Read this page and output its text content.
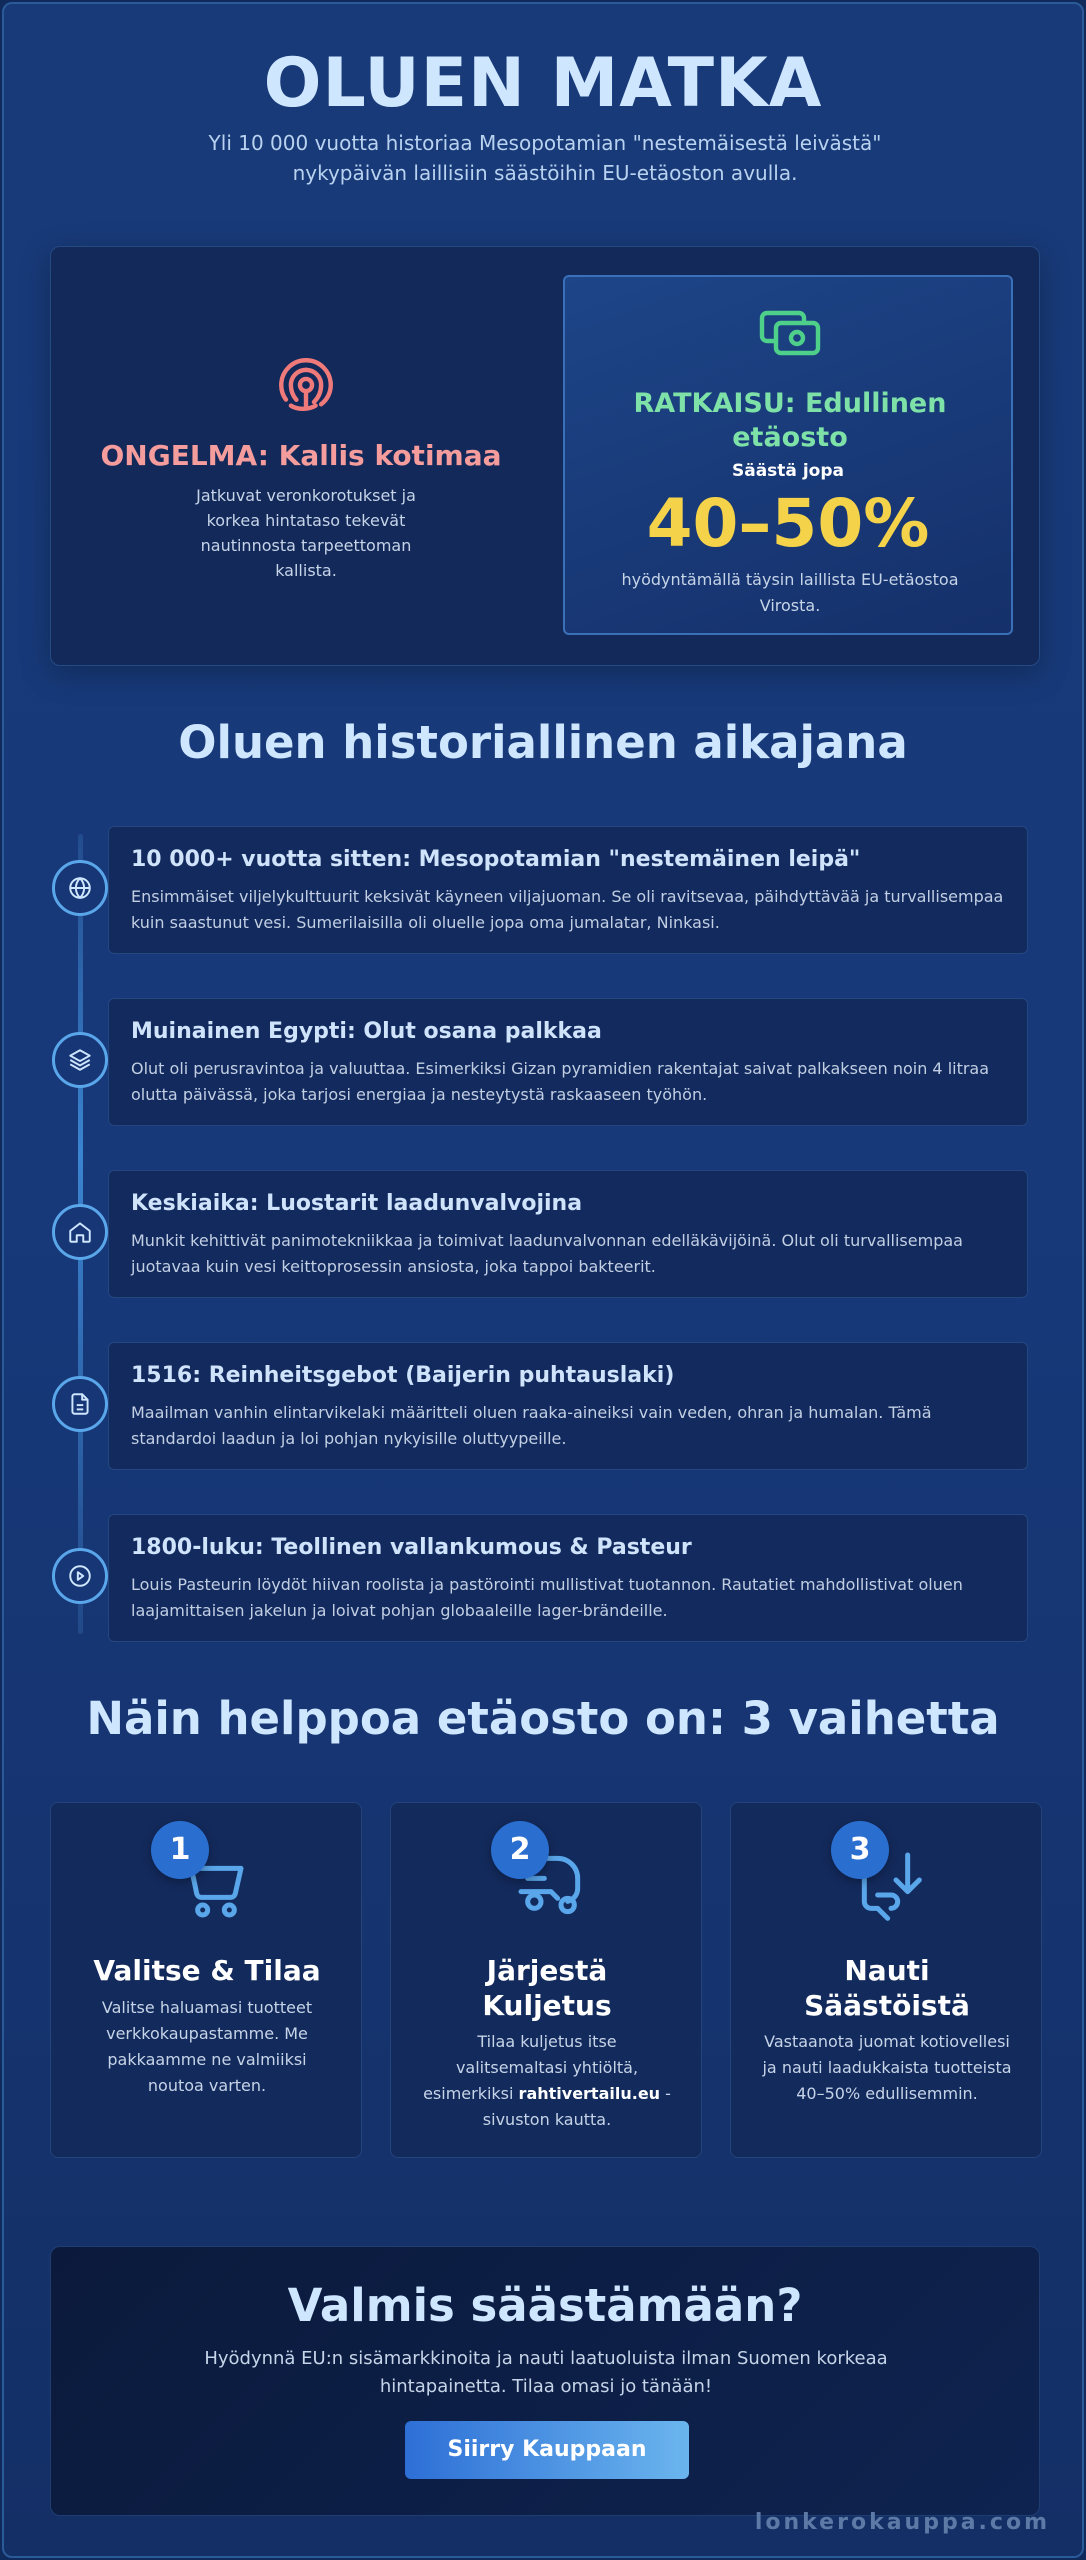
OLUEN MATKA

Yli 10 000 vuotta historiaa Mesopotamian "nestemäisestä leivästä" nykypäivän laillisiin säästöihin EU-etäoston avulla.

ONGELMA: Kallis kotimaa
Jatkuvat veronkorotukset ja korkea hintataso tekevät nautinnosta tarpeettoman kallista.
RATKAISU: Edullinen etäosto
Säästä jopa
40–50%
hyödyntämällä täysin laillista EU-etäostoa Virosta.
Oluen historiallinen aikajana
10 000+ vuotta sitten: Mesopotamian "nestemäinen leipä"
Ensimmäiset viljelykulttuurit keksivät käyneen viljajuoman. Se oli ravitsevaa, päihdyttävää ja turvallisempaa kuin saastunut vesi. Sumerilaisilla oli oluelle jopa oma jumalatar, Ninkasi.
Muinainen Egypti: Olut osana palkkaa
Olut oli perusravintoa ja valuuttaa. Esimerkiksi Gizan pyramidien rakentajat saivat palkakseen noin 4 litraa olutta päivässä, joka tarjosi energiaa ja nesteytystä raskaaseen työhön.
Keskiaika: Luostarit laadunvalvojina
Munkit kehittivät panimotekniikkaa ja toimivat laadunvalvonnan edelläkävijöinä. Olut oli turvallisempaa juotavaa kuin vesi keittoprosessin ansiosta, joka tappoi bakteerit.
1516: Reinheitsgebot (Baijerin puhtauslaki)
Maailman vanhin elintarvikelaki määritteli oluen raaka-aineiksi vain veden, ohran ja humalan. Tämä standardoi laadun ja loi pohjan nykyisille oluttyypeille.
1800-luku: Teollinen vallankumous & Pasteur
Louis Pasteurin löydöt hiivan roolista ja pastörointi mullistivat tuotannon. Rautatiet mahdollistivat oluen laajamittaisen jakelun ja loivat pohjan globaaleille lager-brändeille.
Näin helppoa etäosto on: 3 vaihetta
1
Valitse & Tilaa
Valitse haluamasi tuotteet verkkokaupastamme. Me pakkaamme ne valmiiksi noutoa varten.
2
Järjestä Kuljetus
Tilaa kuljetus itse valitsemaltasi yhtiöltä, esimerkiksi rahtivertailu.eu -sivuston kautta.
3
Nauti Säästöistä
Vastaanota juomat kotiovellesi ja nauti laadukkaista tuotteista 40–50% edullisemmin.
Valmis säästämään?
Hyödynnä EU:n sisämarkkinoita ja nauti laatuoluista ilman Suomen korkeaa hintapainetta. Tilaa omasi jo tänään!
Siirry Kauppaan
lonkerokauppa.com
